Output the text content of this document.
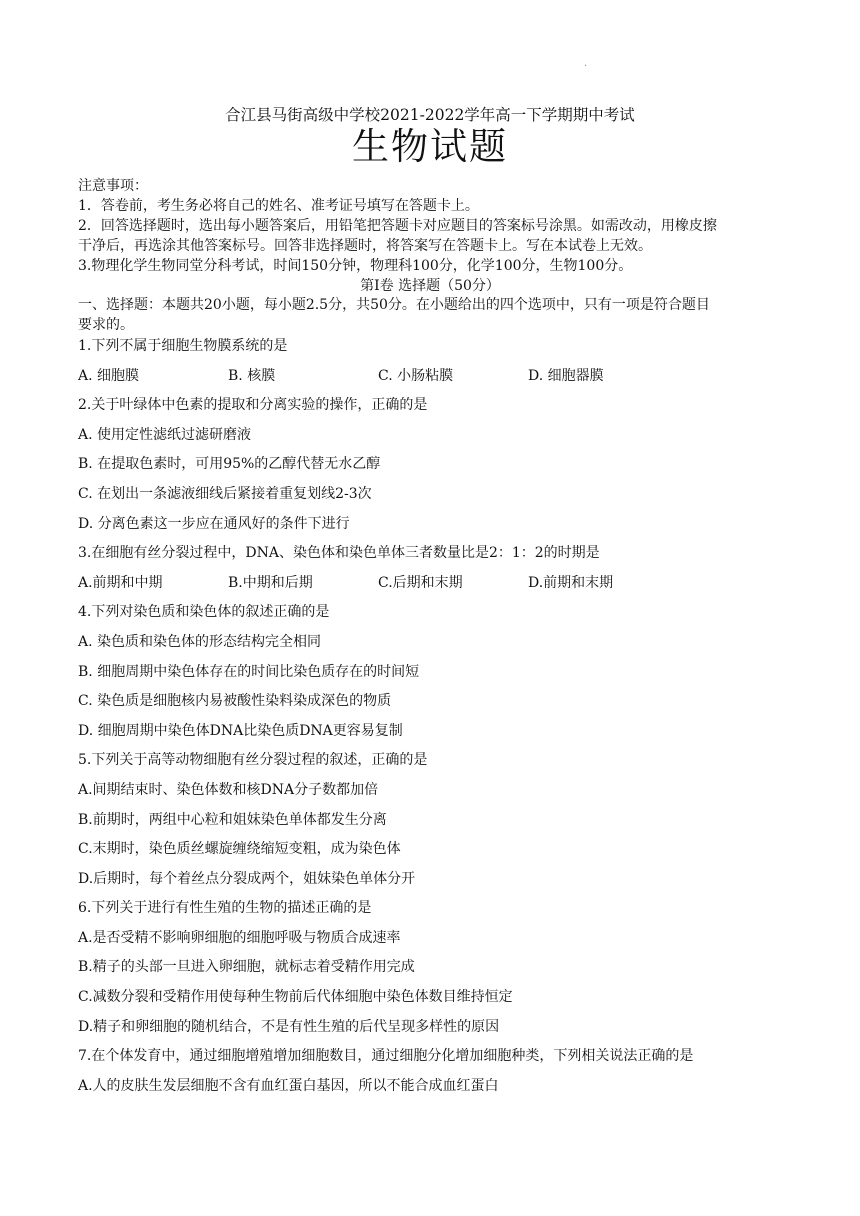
.
合江县马街高级中学校2021-2022学年高一下学期期中考试
生物试题
注意事项：
1．答卷前，考生务必将自己的姓名、准考证号填写在答题卡上。
2．回答选择题时，选出每小题答案后，用铅笔把答题卡对应题目的答案标号涂黑。如需改动，用橡皮擦
干净后，再选涂其他答案标号。回答非选择题时，将答案写在答题卡上。写在本试卷上无效。
3.物理化学生物同堂分科考试，时间150分钟，物理科100分，化学100分，生物100分。
第Ⅰ卷 选择题（50分）
一、选择题：本题共20小题，每小题2.5分，共50分。在小题给出的四个选项中，只有一项是符合题目
要求的。
1.下列不属于细胞生物膜系统的是
A. 细胞膜	B. 核膜	C. 小肠粘膜	D. 细胞器膜
2.关于叶绿体中色素的提取和分离实验的操作，正确的是
A. 使用定性滤纸过滤研磨液
B. 在提取色素时，可用95%的乙醇代替无水乙醇
C. 在划出一条滤液细线后紧接着重复划线2-3次
D. 分离色素这一步应在通风好的条件下进行
3.在细胞有丝分裂过程中，DNA、染色体和染色单体三者数量比是2：1：2的时期是
A.前期和中期	B.中期和后期	C.后期和末期	D.前期和末期
4.下列对染色质和染色体的叙述正确的是
A. 染色质和染色体的形态结构完全相同
B. 细胞周期中染色体存在的时间比染色质存在的时间短
C. 染色质是细胞核内易被酸性染料染成深色的物质
D. 细胞周期中染色体DNA比染色质DNA更容易复制
5.下列关于高等动物细胞有丝分裂过程的叙述，正确的是
A.间期结束时、染色体数和核DNA分子数都加倍
B.前期时，两组中心粒和姐妹染色单体都发生分离
C.末期时，染色质丝螺旋缠绕缩短变粗，成为染色体
D.后期时，每个着丝点分裂成两个，姐妹染色单体分开
6.下列关于进行有性生殖的生物的描述正确的是
A.是否受精不影响卵细胞的细胞呼吸与物质合成速率
B.精子的头部一旦进入卵细胞，就标志着受精作用完成
C.减数分裂和受精作用使每种生物前后代体细胞中染色体数目维持恒定
D.精子和卵细胞的随机结合，不是有性生殖的后代呈现多样性的原因
7.在个体发育中，通过细胞增殖增加细胞数目，通过细胞分化增加细胞种类，下列相关说法正确的是
A.人的皮肤生发层细胞不含有血红蛋白基因，所以不能合成血红蛋白
